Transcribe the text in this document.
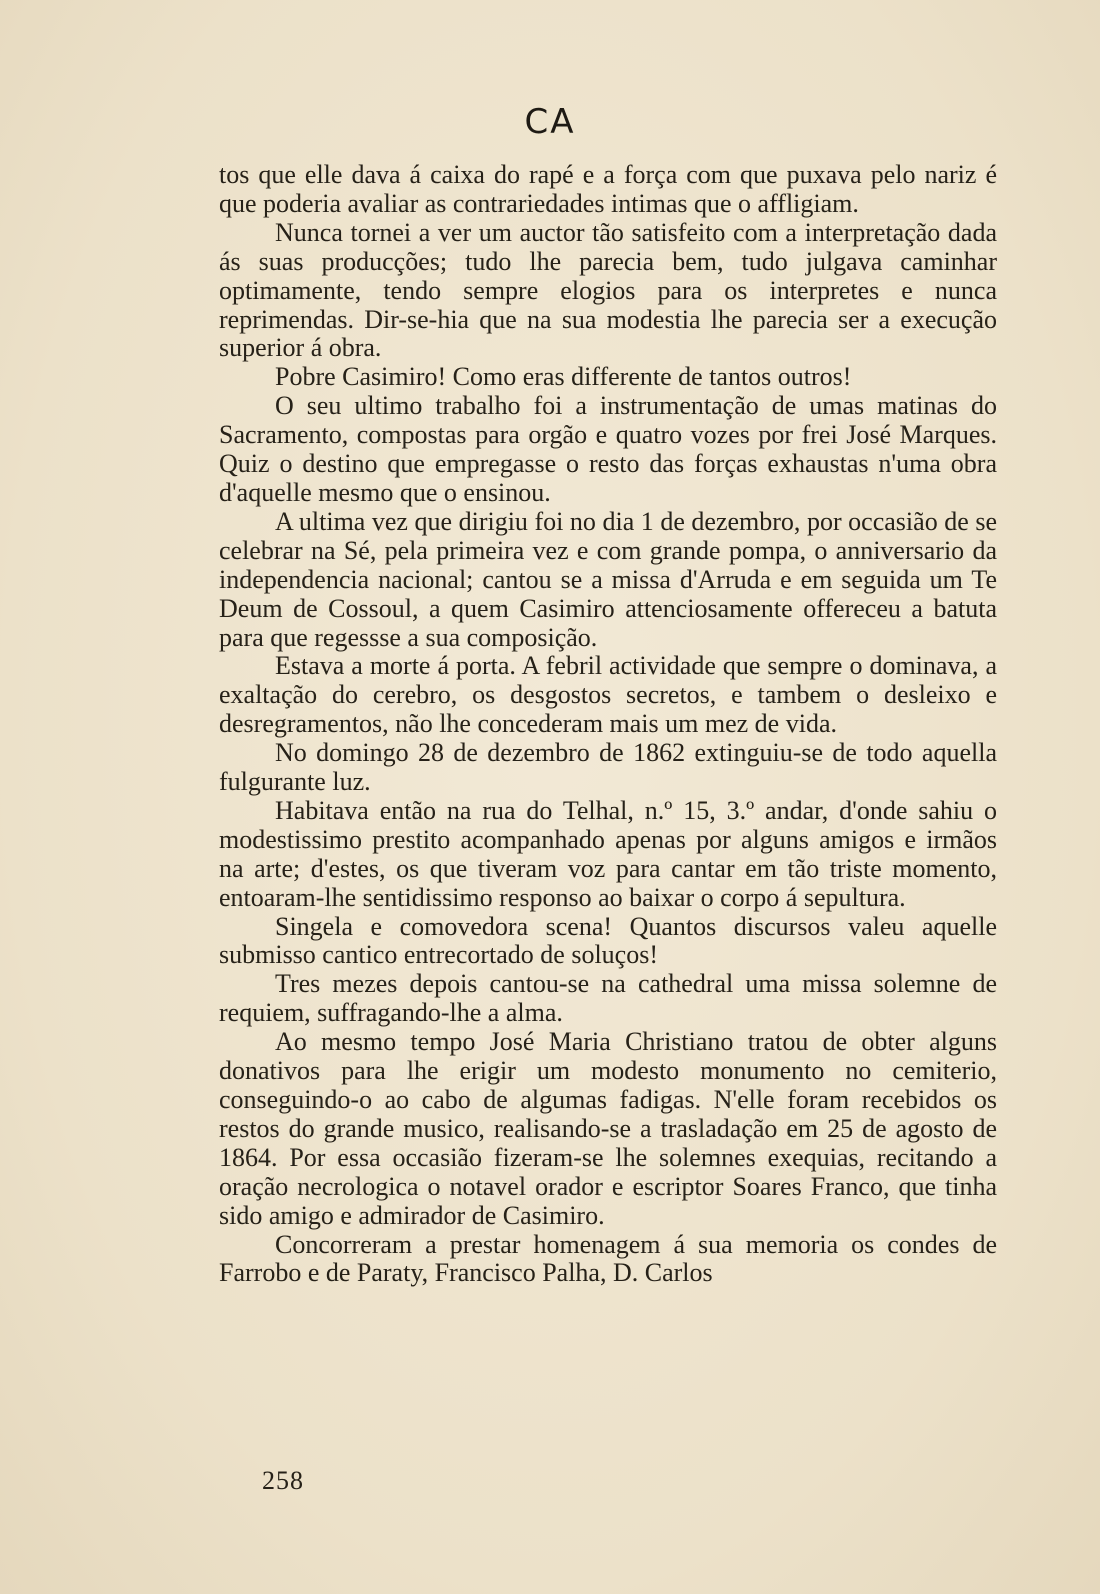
CA

tos que elle dava á caixa do rapé e a força com que puxava pelo nariz é que poderia avaliar as contrariedades intimas que o affligiam.

Nunca tornei a ver um auctor tão satisfeito com a interpretação dada ás suas producções; tudo lhe parecia bem, tudo julgava caminhar optimamente, tendo sempre elogios para os interpretes e nunca reprimendas. Dir-se-hia que na sua modestia lhe parecia ser a execução superior á obra.

Pobre Casimiro! Como eras differente de tantos outros!

O seu ultimo trabalho foi a instrumentação de umas matinas do Sacramento, compostas para orgão e quatro vozes por frei José Marques. Quiz o destino que empregasse o resto das forças exhaustas n'uma obra d'aquelle mesmo que o ensinou.

A ultima vez que dirigiu foi no dia 1 de dezembro, por occasião de se celebrar na Sé, pela primeira vez e com grande pompa, o anniversario da independencia nacional; cantou se a missa d'Arruda e em seguida um Te Deum de Cossoul, a quem Casimiro attenciosamente offereceu a batuta para que regessse a sua composição.

Estava a morte á porta. A febril actividade que sempre o dominava, a exaltação do cerebro, os desgostos secretos, e tambem o desleixo e desregramentos, não lhe concederam mais um mez de vida.

No domingo 28 de dezembro de 1862 extinguiu-se de todo aquella fulgurante luz.

Habitava então na rua do Telhal, n.º 15, 3.º andar, d'onde sahiu o modestissimo prestito acompanhado apenas por alguns amigos e irmãos na arte; d'estes, os que tiveram voz para cantar em tão triste momento, entoaram-lhe sentidissimo responso ao baixar o corpo á sepultura.

Singela e comovedora scena! Quantos discursos valeu aquelle submisso cantico entrecortado de soluços!

Tres mezes depois cantou-se na cathedral uma missa solemne de requiem, suffragando-lhe a alma.

Ao mesmo tempo José Maria Christiano tratou de obter alguns donativos para lhe erigir um modesto monumento no cemiterio, conseguindo-o ao cabo de algumas fadigas. N'elle foram recebidos os restos do grande musico, realisando-se a trasladação em 25 de agosto de 1864. Por essa occasião fizeram-se lhe solemnes exequias, recitando a oração necrologica o notavel orador e escriptor Soares Franco, que tinha sido amigo e admirador de Casimiro.

Concorreram a prestar homenagem á sua memoria os condes de Farrobo e de Paraty, Francisco Palha, D. Carlos

258
